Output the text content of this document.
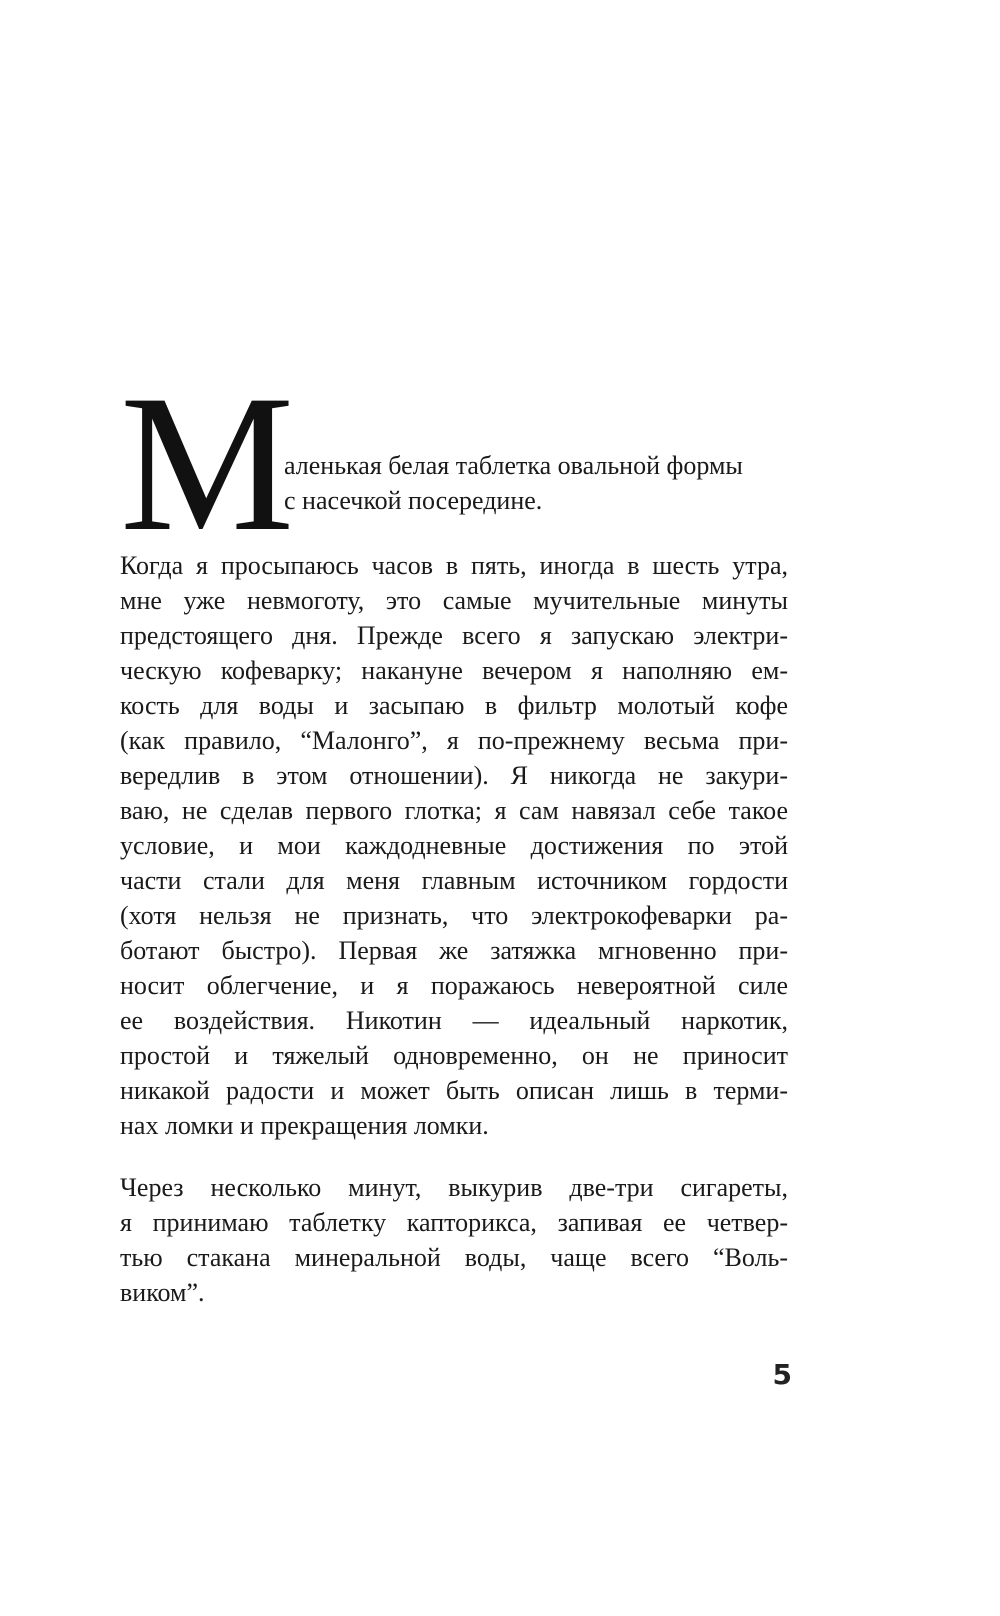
М
аленькая белая таблетка овальной формы
с насечкой посередине.
Когда я просыпаюсь часов в пять, иногда в шесть утра,
мне уже невмоготу, это самые мучительные минуты
предстоящего дня. Прежде всего я запускаю электри-
ческую кофеварку; накануне вечером я наполняю ем-
кость для воды и засыпаю в фильтр молотый кофе
(как правило, “Малонго”, я по-прежнему весьма при-
вередлив в этом отношении). Я никогда не закури-
ваю, не сделав первого глотка; я сам навязал себе такое
условие, и мои каждодневные достижения по этой
части стали для меня главным источником гордости
(хотя нельзя не признать, что электрокофеварки ра-
ботают быстро). Первая же затяжка мгновенно при-
носит облегчение, и я поражаюсь невероятной силе
ее воздействия. Никотин — идеальный наркотик,
простой и тяжелый одновременно, он не приносит
никакой радости и может быть описан лишь в терми-
нах ломки и прекращения ломки.
Через несколько минут, выкурив две-три сигареты,
я принимаю таблетку капторикса, запивая ее четвер-
тью стакана минеральной воды, чаще всего “Воль-
виком”.
5
